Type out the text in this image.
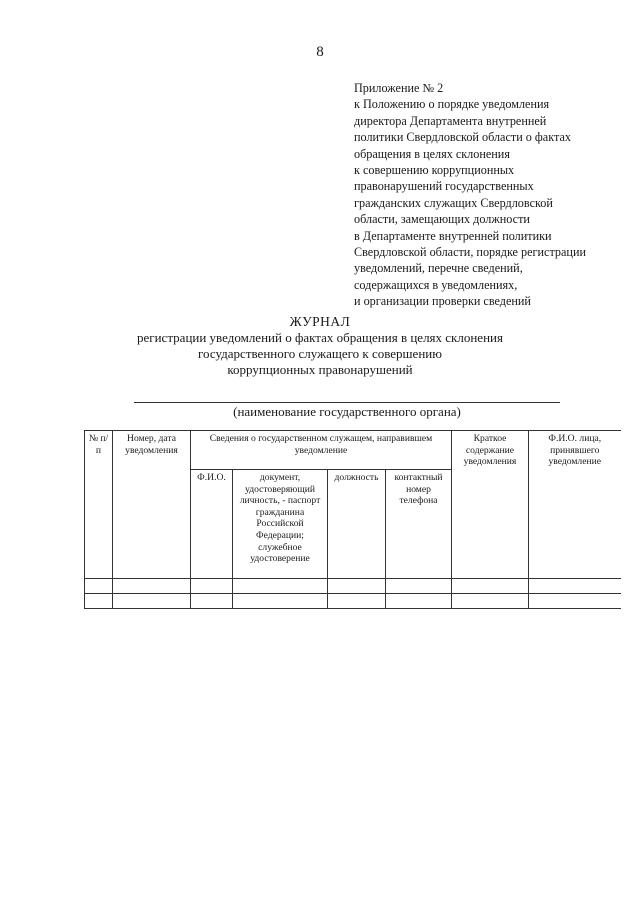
8
Приложение № 2
к Положению о порядке уведомления
директора Департамента внутренней
политики Свердловской области о фактах
обращения в целях склонения
к совершению коррупционных
правонарушений государственных
гражданских служащих Свердловской
области, замещающих должности
в Департаменте внутренней политики
Свердловской области, порядке регистрации
уведомлений, перечне сведений,
содержащихся в уведомлениях,
и организации проверки сведений
ЖУРНАЛ
регистрации уведомлений о фактах обращения в целях склонения
государственного служащего к совершению
коррупционных правонарушений
(наименование государственного органа)
№ п/п	Номер, дата уведомления	Сведения о государственном служащем, направившем уведомление				Краткое содержание уведомления	Ф.И.О. лица, принявшего уведомление
		Ф.И.О.	документ, удостоверяющий личность, - паспорт гражданина Российской Федерации; служебное удостоверение	должность	контактный номер телефона		
